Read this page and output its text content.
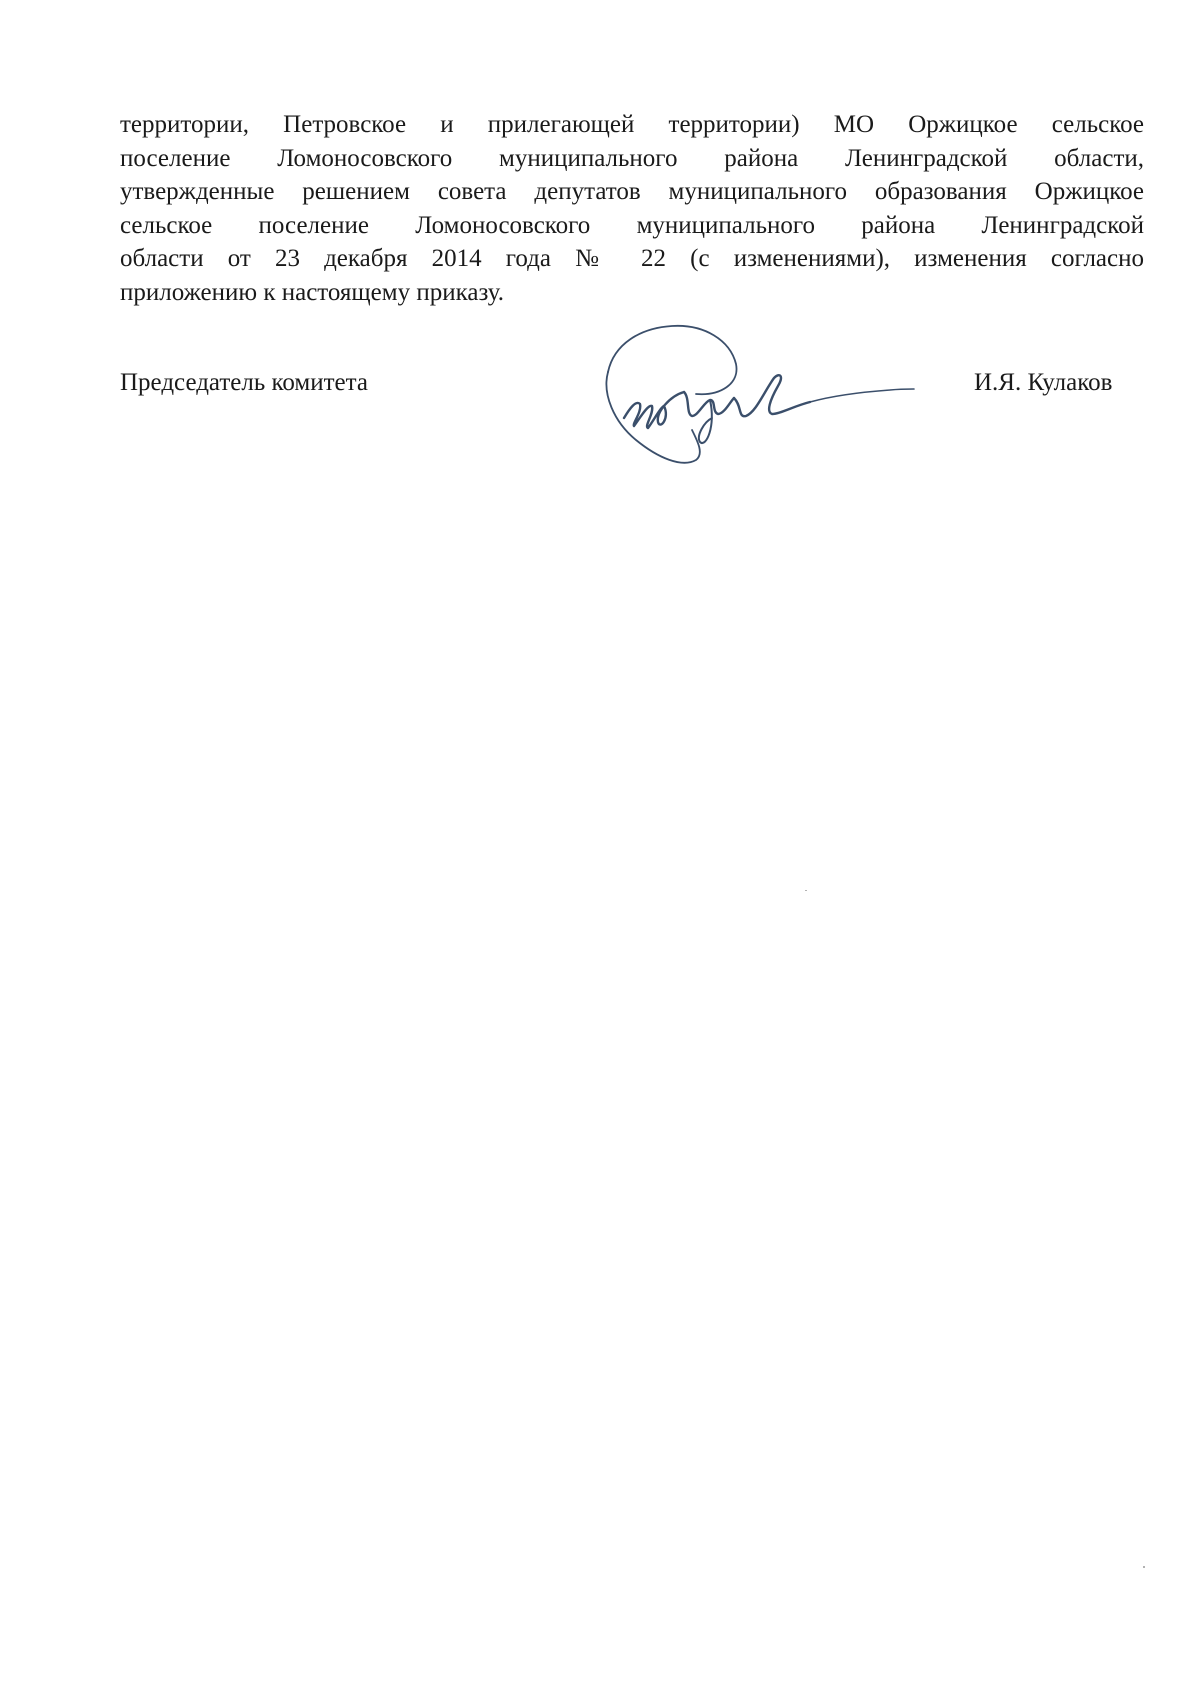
территории, Петровское и прилегающей территории) МО Оржицкое сельское
поселение Ломоносовского муниципального района Ленинградской области,
утвержденные решением совета депутатов муниципального образования Оржицкое
сельское поселение Ломоносовского муниципального района Ленинградской
области от 23 декабря 2014 года № 22 (с изменениями), изменения согласно
приложению к настоящему приказу.
Председатель комитета	И.Я. Кулаков
